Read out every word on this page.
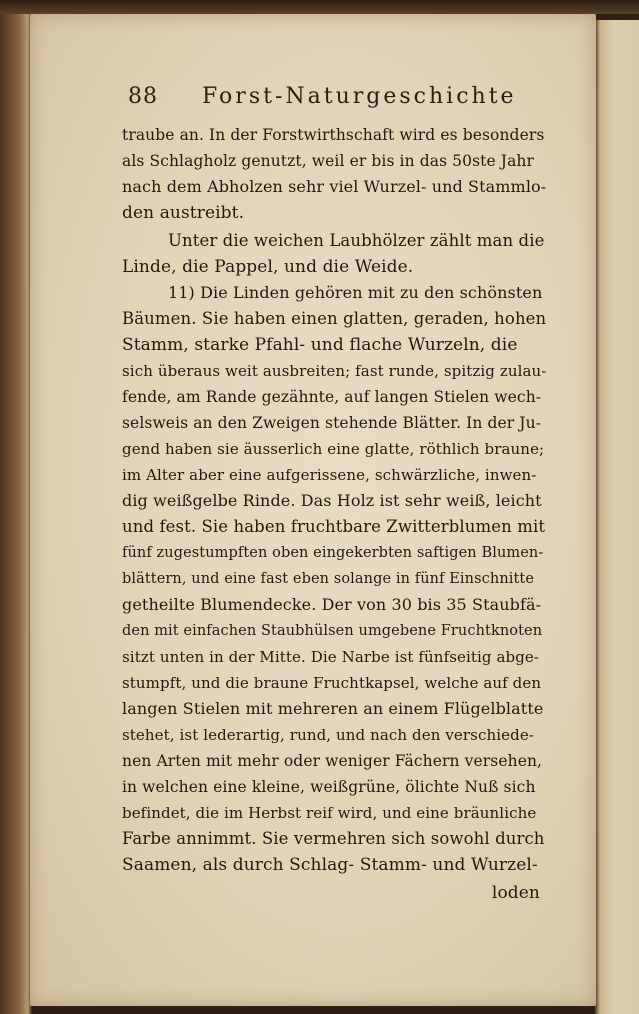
88 Forst-Naturgeschichte
traube an. In der Forstwirthschaft wird es besonders
als Schlagholz genutzt, weil er bis in das 50ste Jahr
nach dem Abholzen sehr viel Wurzel- und Stammlo-
den austreibt.
Unter die weichen Laubhölzer zählt man die
Linde, die Pappel, und die Weide.
11) Die Linden gehören mit zu den schönsten
Bäumen. Sie haben einen glatten, geraden, hohen
Stamm, starke Pfahl- und flache Wurzeln, die
sich überaus weit ausbreiten; fast runde, spitzig zulau-
fende, am Rande gezähnte, auf langen Stielen wech-
selsweis an den Zweigen stehende Blätter. In der Ju-
gend haben sie äusserlich eine glatte, röthlich braune;
im Alter aber eine aufgerissene, schwärzliche, inwen-
dig weißgelbe Rinde. Das Holz ist sehr weiß, leicht
und fest. Sie haben fruchtbare Zwitterblumen mit
fünf zugestumpften oben eingekerbten saftigen Blumen-
blättern, und eine fast eben solange in fünf Einschnitte
getheilte Blumendecke. Der von 30 bis 35 Staubfä-
den mit einfachen Staubhülsen umgebene Fruchtknoten
sitzt unten in der Mitte. Die Narbe ist fünfseitig abge-
stumpft, und die braune Fruchtkapsel, welche auf den
langen Stielen mit mehreren an einem Flügelblatte
stehet, ist lederartig, rund, und nach den verschiede-
nen Arten mit mehr oder weniger Fächern versehen,
in welchen eine kleine, weißgrüne, ölichte Nuß sich
befindet, die im Herbst reif wird, und eine bräunliche
Farbe annimmt. Sie vermehren sich sowohl durch
Saamen, als durch Schlag- Stamm- und Wurzel-
loden
